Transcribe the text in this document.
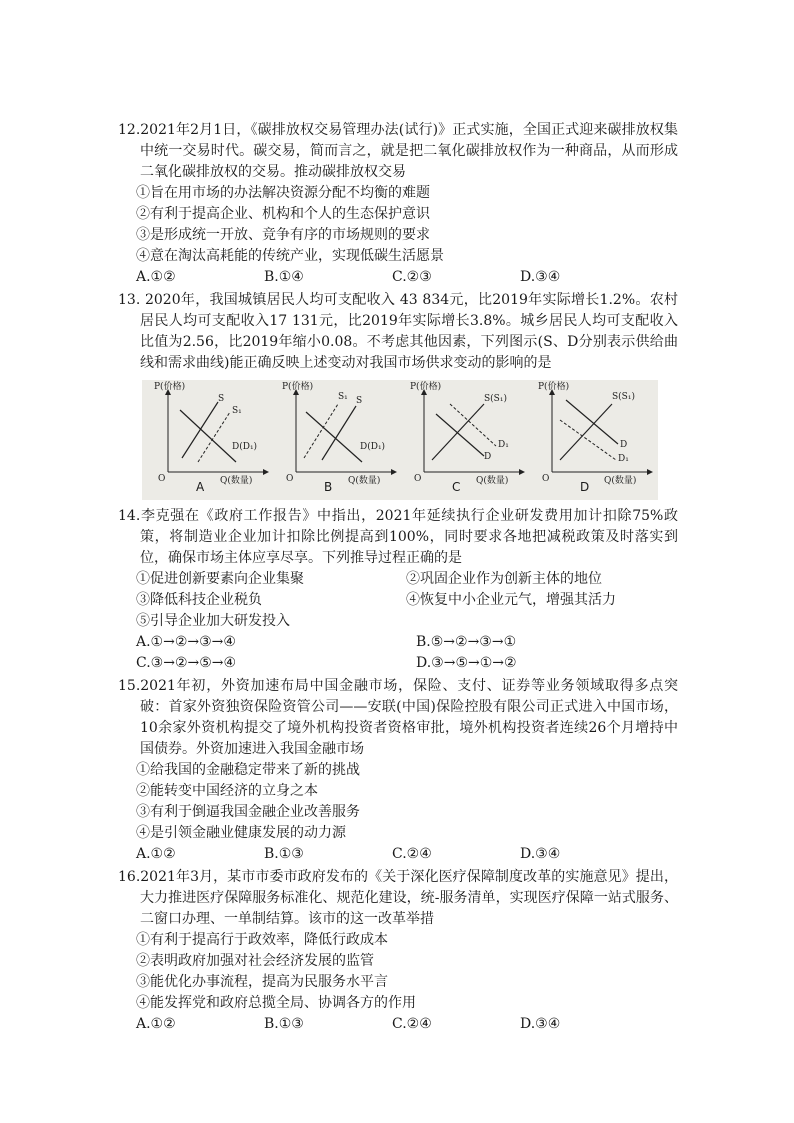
12.2021年2月1日，《碳排放权交易管理办法(试行)》正式实施，全国正式迎来碳排放权集中统一交易时代。碳交易，简而言之，就是把二氧化碳排放权作为一种商品，从而形成二氧化碳排放权的交易。推动碳排放权交易
①旨在用市场的办法解决资源分配不均衡的难题
②有利于提高企业、机构和个人的生态保护意识
③是形成统一开放、竞争有序的市场规则的要求
④意在淘汰高耗能的传统产业，实现低碳生活愿景
A.①②	B.①④	C.②③	D.③④
13. 2020年，我国城镇居民人均可支配收入 43 834元，比2019年实际增长1.2%。农村居民人均可支配收入17 131元，比2019年实际增长3.8%。城乡居民人均可支配收入比值为2.56，比2019年缩小0.08。不考虑其他因素，下列图示(S、D分别表示供给曲线和需求曲线)能正确反映上述变动对我国市场供求变动的影响的是
P(价格)
Q(数量)
O
S
S₁
D(D₁)
A
P(价格)
Q(数量)
O
S
S₁
D(D₁)
B
P(价格)
Q(数量)
O
S(S₁)
D₁
D
C
P(价格)
Q(数量)
O
S(S₁)
D
D₁
D
14.李克强在《政府工作报告》中指出，2021年延续执行企业研发费用加计扣除75%政策，将制造业企业加计扣除比例提高到100%，同时要求各地把减税政策及时落实到位，确保市场主体应享尽享。下列推导过程正确的是
①促进创新要素向企业集聚	②巩固企业作为创新主体的地位
③降低科技企业税负	④恢复中小企业元气，增强其活力
⑤引导企业加大研发投入
A.①→②→③→④	B.⑤→②→③→①
C.③→②→⑤→④	D.③→⑤→①→②
15.2021年初，外资加速布局中国金融市场，保险、支付、证券等业务领域取得多点突破：首家外资独资保险资管公司——安联(中国)保险控股有限公司正式进入中国市场，10余家外资机构提交了境外机构投资者资格审批，境外机构投资者连续26个月增持中国债券。外资加速进入我国金融市场
①给我国的金融稳定带来了新的挑战
②能转变中国经济的立身之本
③有利于倒逼我国金融企业改善服务
④是引领金融业健康发展的动力源
A.①②	B.①③	C.②④	D.③④
16.2021年3月，某市市委市政府发布的《关于深化医疗保障制度改革的实施意见》提出，大力推进医疗保障服务标准化、规范化建设，统-服务清单，实现医疗保障一站式服务、二窗口办理、一单制结算。该市的这一改革举措
①有利于提高行于政效率，降低行政成本
②表明政府加强对社会经济发展的监管
③能优化办事流程，提高为民服务水平言
④能发挥党和政府总揽全局、协调各方的作用
A.①②	B.①③	C.②④	D.③④
